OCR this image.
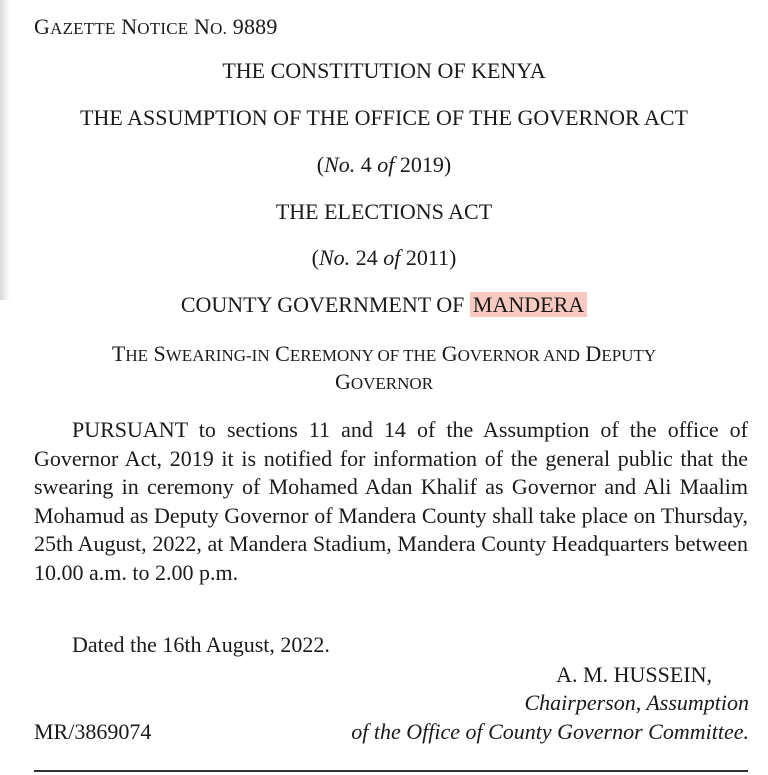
GAZETTE NOTICE NO. 9889
THE CONSTITUTION OF KENYA
THE ASSUMPTION OF THE OFFICE OF THE GOVERNOR ACT
(No. 4 of 2019)
THE ELECTIONS ACT
(No. 24 of 2011)
COUNTY GOVERNMENT OF MANDERA
THE SWEARING-IN CEREMONY OF THE GOVERNOR AND DEPUTY
GOVERNOR
PURSUANT to sections 11 and 14 of the Assumption of the office of Governor Act, 2019 it is notified for information of the general public that the swearing in ceremony of Mohamed Adan Khalif as Governor and Ali Maalim Mohamud as Deputy Governor of Mandera County shall take place on Thursday, 25th August, 2022, at Mandera Stadium, Mandera County Headquarters between 10.00 a.m. to 2.00 p.m.
Dated the 16th August, 2022.
A. M. HUSSEIN,
Chairperson, Assumption
of the Office of County Governor Committee.
MR/3869074
